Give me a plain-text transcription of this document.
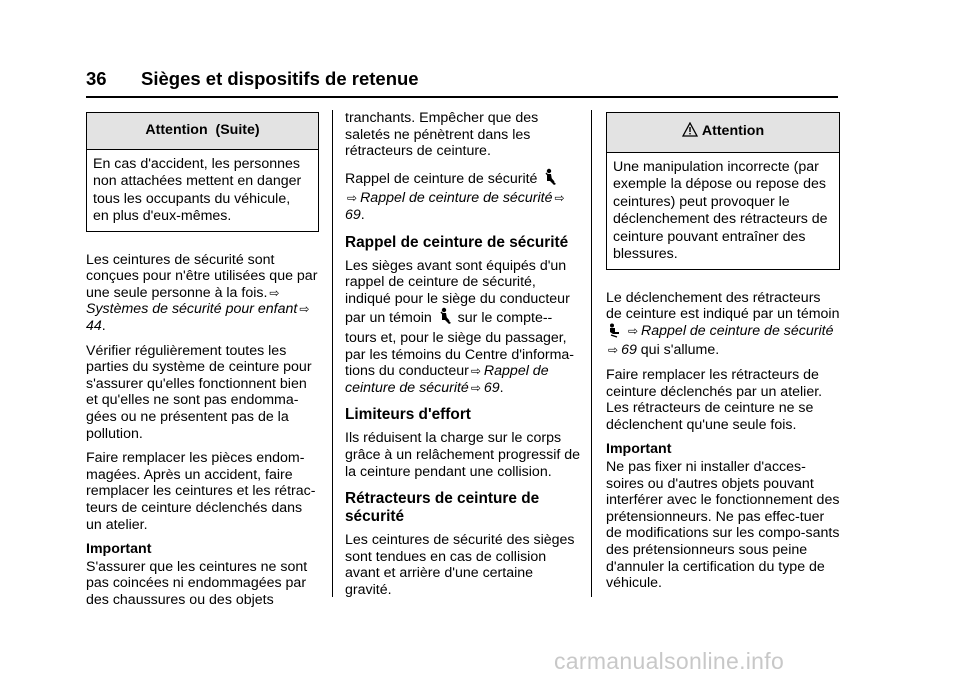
36 Sièges et dispositifs de retenue
Attention  (Suite)

En cas d'accident, les personnes

non attachées mettent en danger

tous les occupants du véhicule,

en plus d'eux-mêmes.

Les ceintures de sécurité sont conçues pour n'être utilisées que par une seule personne à la fois. ⇨Systèmes de sécurité pour enfant ⇨44.

Vérifier régulièrement toutes les parties du système de ceinture pour s'assurer qu'elles fonctionnent bien et qu'elles ne sont pas endomma-gées ou ne présentent pas de la pollution.

Faire remplacer les pièces endom-magées. Après un accident, faire remplacer les ceintures et les rétrac-teurs de ceinture déclenchés dans un atelier.

Important

S'assurer que les ceintures ne sont pas coincées ni endommagées par des chaussures ou des objets

tranchants. Empêcher que des saletés ne pénètrent dans les rétracteurs de ceinture.

Rappel de ceinture de sécurité
⇨ Rappel de ceinture de sécurité ⇨69.

Rappel de ceinture de sécurité

Les sièges avant sont équipés d'un rappel de ceinture de sécurité, indiqué pour le siège du conducteur par un témoin sur le compte--tours et, pour le siège du passager, par les témoins du Centre d'informa-tions du conducteur ⇨ Rappel de ceinture de sécurité ⇨ 69.

Limiteurs d'effort

Ils réduisent la charge sur le corps grâce à un relâchement progressif de la ceinture pendant une collision.

Rétracteurs de ceinture de sécurité

Les ceintures de sécurité des sièges sont tendues en cas de collision avant et arrière d'une certaine gravité.

Attention

Une manipulation incorrecte (par

exemple la dépose ou repose des

ceintures) peut provoquer le

déclenchement des rétracteurs de

ceinture pouvant entraîner des

blessures.

Le déclenchement des rétracteurs de ceinture est indiqué par un témoin  ⇨ Rappel de ceinture de sécurité⇨ 69 qui s'allume.

Faire remplacer les rétracteurs de ceinture déclenchés par un atelier. Les rétracteurs de ceinture ne se déclenchent qu'une seule fois.

Important

Ne pas fixer ni installer d'acces-soires ou d'autres objets pouvant interférer avec le fonctionnement des prétensionneurs. Ne pas effec-tuer de modifications sur les compo-sants des prétensionneurs sous peine d'annuler la certification du type de véhicule.

carmanualsonline.info
